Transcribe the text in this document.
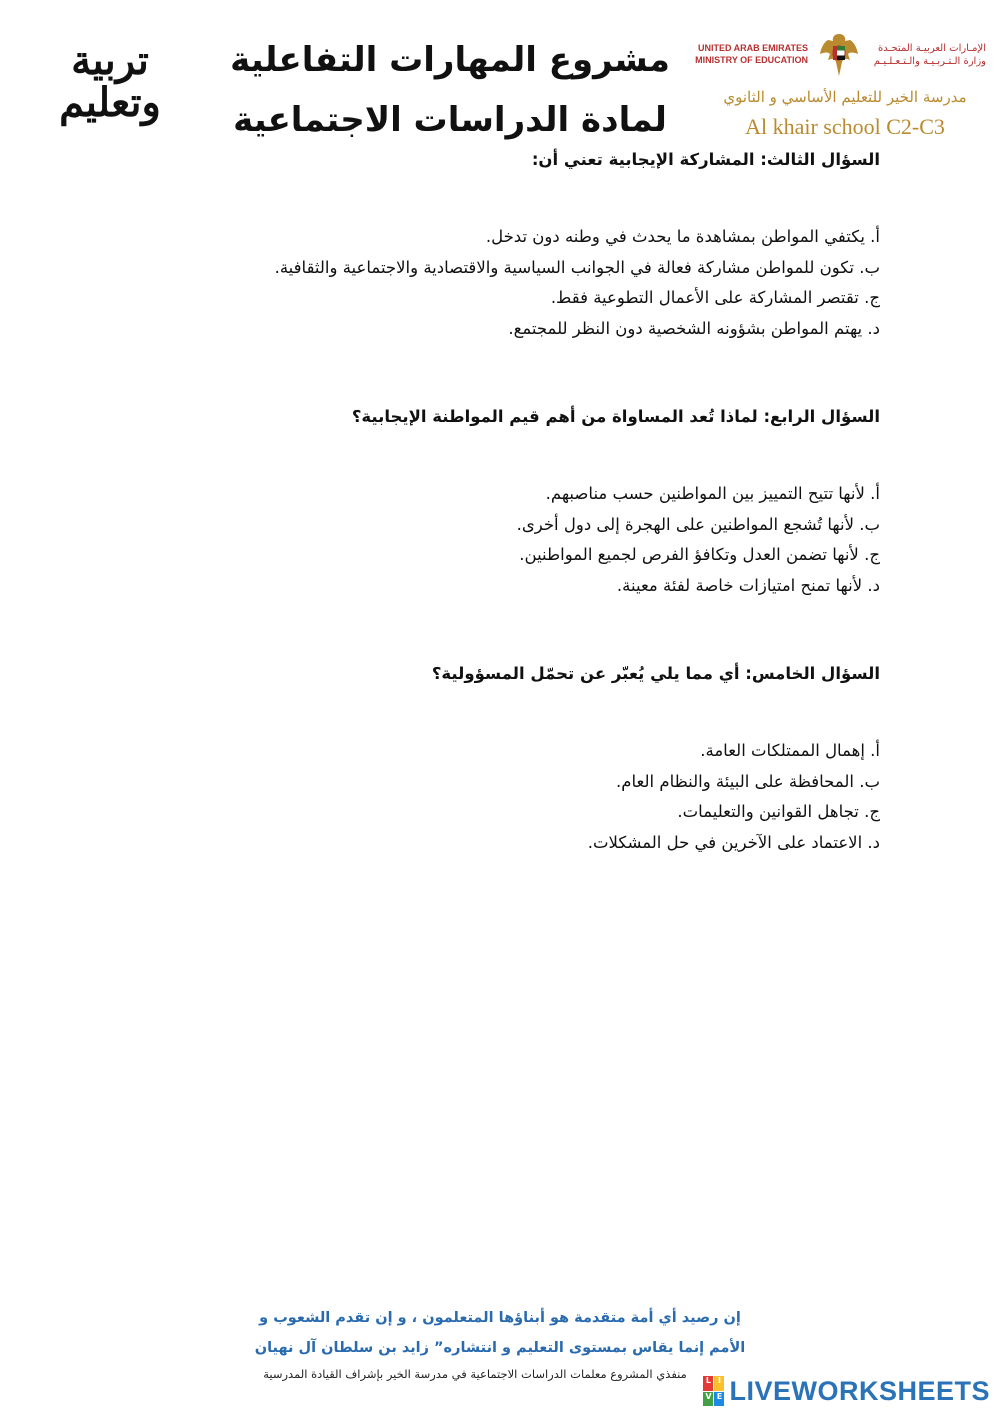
تربية
وتعليم
مشروع المهارات التفاعلية
لمادة الدراسات الاجتماعية
UNITED ARAB EMIRATES
MINISTRY OF EDUCATION
الإمـارات العربيـة المتحـدة
وزارة الـتـربـيـة والـتـعـلـيـم
مدرسة الخير للتعليم الأساسي و الثانوي
Al khair school C2-C3
السؤال الثالث: المشاركة الإيجابية تعني أن:
أ. يكتفي المواطن بمشاهدة ما يحدث في وطنه دون تدخل.
ب. تكون للمواطن مشاركة فعالة في الجوانب السياسية والاقتصادية والاجتماعية والثقافية.
ج. تقتصر المشاركة على الأعمال التطوعية فقط.
د. يهتم المواطن بشؤونه الشخصية دون النظر للمجتمع.
السؤال الرابع: لماذا تُعد المساواة من أهم قيم المواطنة الإيجابية؟
أ. لأنها تتيح التمييز بين المواطنين حسب مناصبهم.
ب. لأنها تُشجع المواطنين على الهجرة إلى دول أخرى.
ج. لأنها تضمن العدل وتكافؤ الفرص لجميع المواطنين.
د. لأنها تمنح امتيازات خاصة لفئة معينة.
السؤال الخامس: أي مما يلي يُعبّر عن تحمّل المسؤولية؟
أ. إهمال الممتلكات العامة.
ب. المحافظة على البيئة والنظام العام.
ج. تجاهل القوانين والتعليمات.
د. الاعتماد على الآخرين في حل المشكلات.
إن رصيد أي أمة متقدمة هو أبناؤها المتعلمون ، و إن تقدم الشعوب و
الأمم إنما يقاس بمستوى التعليم و انتشاره” زايد بن سلطان آل نهيان
منفذي المشروع معلمات الدراسات الاجتماعية في مدرسة الخير بإشراف القيادة المدرسية	L I
V E LIVEWORKSHEETS
